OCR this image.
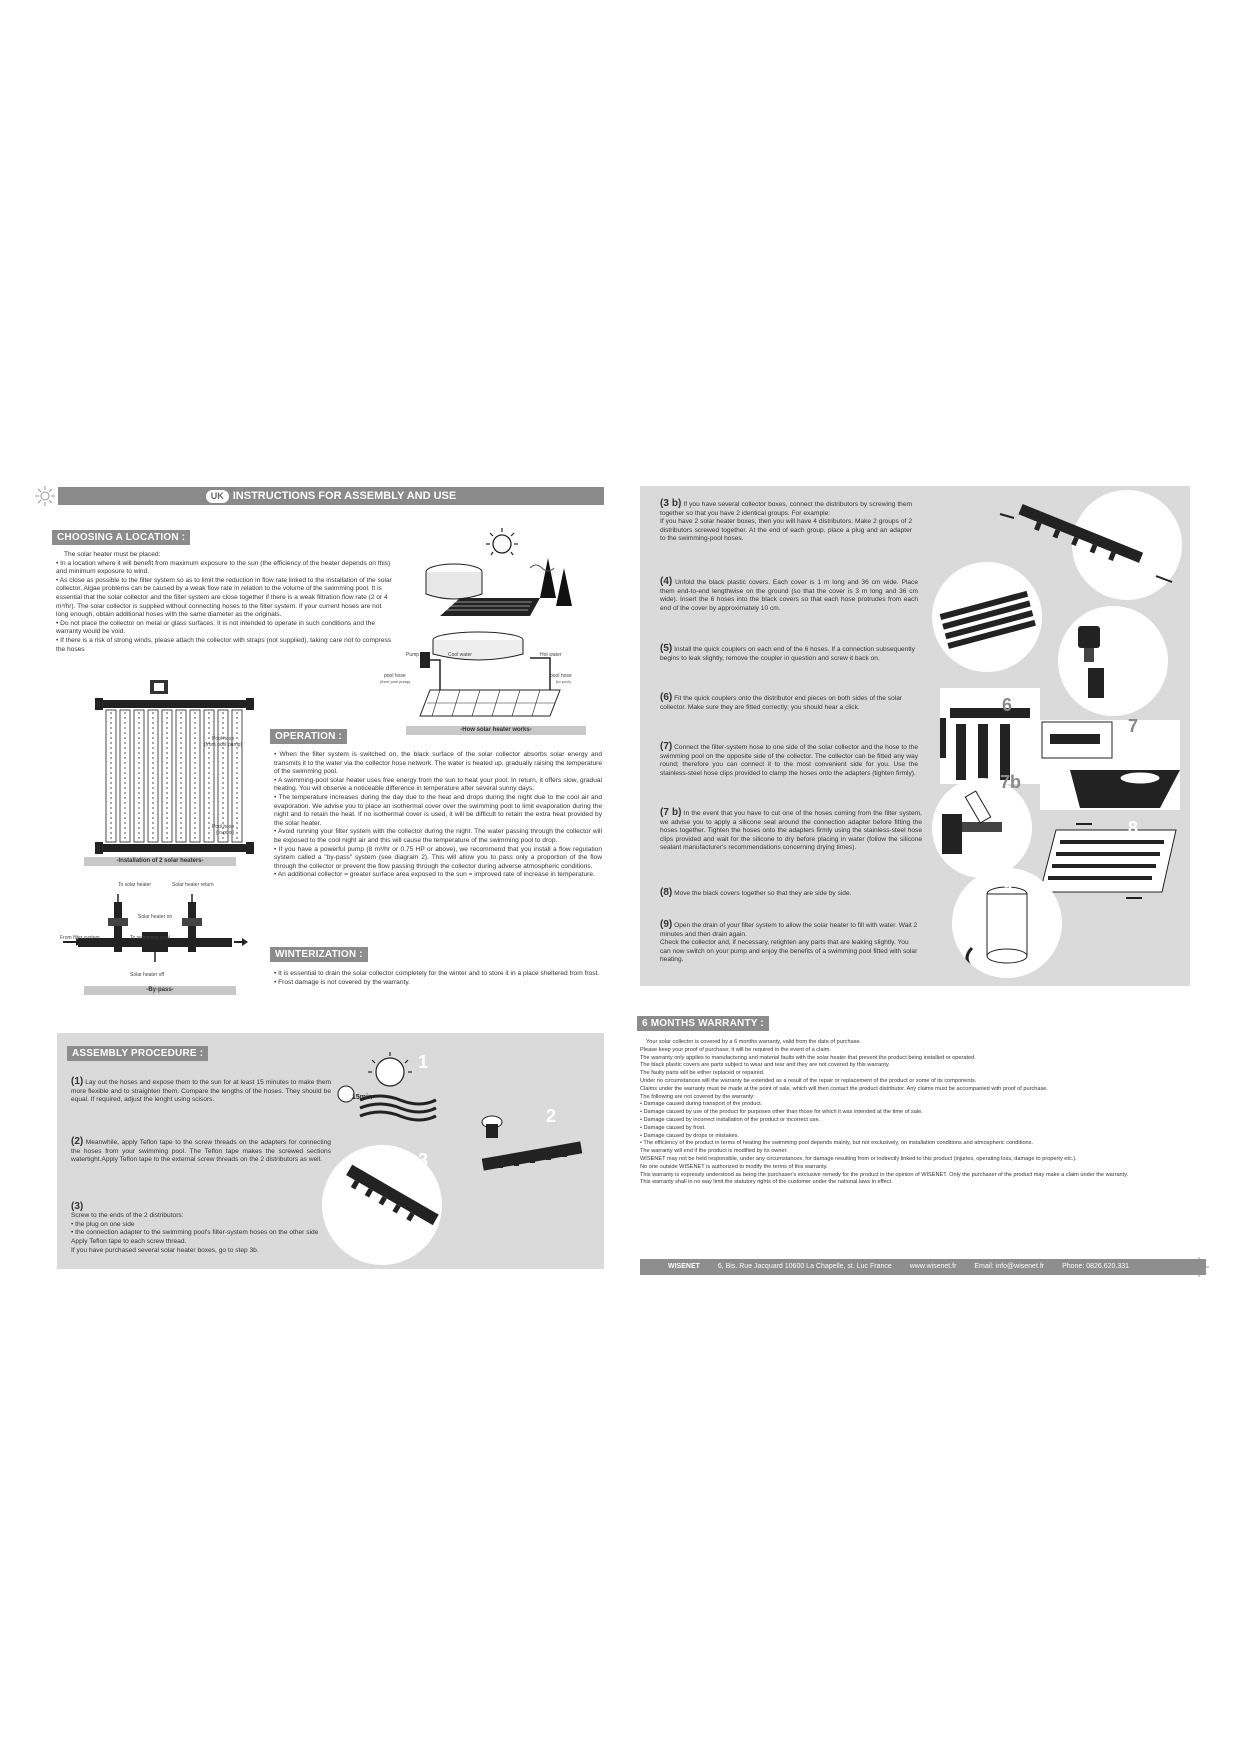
UK INSTRUCTIONS FOR ASSEMBLY AND USE
CHOOSING A LOCATION :

The solar heater must be placed:

• In a location where it will benefit from maximum exposure to the sun (the efficiency of the heater depends on this) and minimum exposure to wind.

• As close as possible to the filter system so as to limit the reduction in flow rate linked to the installation of the solar collector. Algae problems can be caused by a weak flow rate in relation to the volume of the swimming pool. It is essential that the solar collector and the filter system are close together if there is a weak filtration flow rate (2 or 4 m³/hr). The solar collector is supplied without connecting hoses to the filter system. If your current hoses are not long enough, obtain additional hoses with the same diameter as the originals.

• Do not place the collector on metal or glass surfaces. It is not intended to operate in such conditions and the warranty would be void.

• If there is a risk of strong winds, please attach the collector with straps (not supplied), taking care not to compress the hoses

Pump	Cool water	Hot water
pool hose
(from pool pump)
pool hose
(to pool)
-How solar heater works-
Pool hose
(from pool pump)
Pool hose
(to pool)
-Installation of 2 solar heaters-
To solar heater	Solar heater return
Solar heater on
From filter system	To swimming pool
Solar heater off
-By-pass-
OPERATION :

• When the filter system is switched on, the black surface of the solar collector absorbs solar energy and transmits it to the water via the collector hose network. The water is heated up, gradually raising the temperature of the swimming pool.

• A swimming-pool solar heater uses free energy from the sun to heat your pool. In return, it offers slow, gradual heating. You will observe a noticeable difference in temperature after several sunny days.

• The temperature increases during the day due to the heat and drops during the night due to the cool air and evaporation. We advise you to place an isothermal cover over the swimming pool to limit evaporation during the night and to retain the heat. If no isothermal cover is used, it will be difficult to retain the extra heat provided by the solar heater.

• Avoid running your filter system with the collector during the night. The water passing through the collector will be exposed to the cool night air and this will cause the temperature of the swimming pool to drop.

• If you have a powerful pump (8 m³/hr or 0.75 HP or above), we recommend that you install a flow regulation system called a "by-pass" system (see diagram 2). This will allow you to pass only a proportion of the flow through the collector or prevent the flow passing through the collector during adverse atmospheric conditions.

• An additional collector = greater surface area exposed to the sun = improved rate of increase in temperature.

WINTERIZATION :

• It is essential to drain the solar collector completely for the winter and to store it in a place sheltered from frost.

• Frost damage is not covered by the warranty.

ASSEMBLY PROCEDURE :
(1) Lay out the hoses and expose them to the sun for at least 15 minutes to make them more flexible and to straighten them. Compare the lengths of the hoses. They should be equal. If required, adjust the lenght using scisors.
(2) Meanwhile, apply Teflon tape to the screw threads on the adapters for connecting the hoses from your swimming pool. The Teflon tape makes the screwed sections watertight.Apply Teflon tape to the external screw threads on the 2 distributors as well.

(3)
Screw to the ends of the 2 distributors:
• the plug on one side
• the connection adapter to the swimming pool's filter-system hoses on the other side
Apply Teflon tape to each screw thread.
If you have purchased several solar heater boxes, go to step 3b.

15min
1
3
2
(3 b) If you have several collector boxes, connect the distributors by screwing them together so that you have 2 identical groups. For example:
If you have 2 solar heater boxes, then you will have 4 distributors. Make 2 groups of 2 distributors screwed together. At the end of each group, place a plug and an adapter to the swimming-pool hoses.
(4) Unfold the black plastic covers. Each cover is 1 m long and 36 cm wide. Place them end-to-end lengthwise on the ground (so that the cover is 3 m long and 36 cm wide). Insert the 6 hoses into the black covers so that each hose protrudes from each end of the cover by approximately 10 cm.
(5) Install the quick couplers on each end of the 6 hoses. If a connection subsequently begins to leak slightly, remove the coupler in question and screw it back on.
(6) Fit the quick couplers onto the distributor end pieces on both sides of the solar collector. Make sure they are fitted correctly; you should hear a click.
(7) Connect the filter-system hose to one side of the solar collector and the hose to the swimming pool on the opposite side of the collector. The collector can be fitted any way round; therefore you can connect it to the most convenient side for you. Use the stainless-steel hose clips provided to clamp the hoses onto the adapters (tighten firmly).
(7 b) In the event that you have to cut one of the hoses coming from the filter system, we advise you to apply a silicone seal around the connection adapter before fitting the hoses together. Tighten the hoses onto the adapters firmly using the stainless-steel hose clips provided and wait for the silicone to dry before placing in water (follow the silicone sealant manufacturer's recommendations concerning drying times).
(8) Move the black covers together so that they are side by side.
(9) Open the drain of your filter system to allow the solar heater to fill with water. Wait 2 minutes and then drain again.
Check the collector and, if necessary, retighten any parts that are leaking slightly. You can now switch on your pump and enjoy the benefits of a swimming pool fitted with solar heating.
3b
4
5
CLIC 6
7
7b
8
9
6 MONTHS WARRANTY :

Your solar collector is covered by a 6 months warranty, valid from the date of purchase.

Please keep your proof of purchase; it will be required in the event of a claim.

The warranty only applies to manufacturing and material faults with the solar heater that prevent the product being installed or operated.

The black plastic covers are parts subject to wear and tear and they are not covered by this warranty.

The faulty parts will be either replaced or repaired.

Under no circumstances will the warranty be extended as a result of the repair or replacement of the product or some of its components.

Claims under the warranty must be made at the point of sale, which will then contact the product distributor. Any claims must be accompanied with proof of purchase.

The following are not covered by the warranty:

• Damage caused during transport of the product.

• Damage caused by use of the product for purposes other than those for which it was intended at the time of sale.

• Damage caused by incorrect installation of the product or incorrect use.

• Damage caused by frost.

• Damage caused by drops or mistakes.

• The efficiency of the product in terms of heating the swimming pool depends mainly, but not exclusively, on installation conditions and atmospheric conditions.

The warranty will end if the product is modified by its owner.

WISENET may not be held responsible, under any circumstances, for damage resulting from or indirectly linked to this product (injuries, operating loss, damage to property etc.).

No one outside WISENET is authorized to modify the terms of this warranty.

This warranty is expressly understood as being the purchaser's exclusive remedy for the product in the opinion of WISENET. Only the purchaser of the product may make a claim under the warranty.

This warranty shall in no way limit the statutory rights of the customer under the national laws in effect.

WISENET	6, Bis. Rue Jacquard 10600 La Chapelle, st. Luc France	www.wisenet.fr	Email: info@wisenet.fr	Phone: 0826.620.331
